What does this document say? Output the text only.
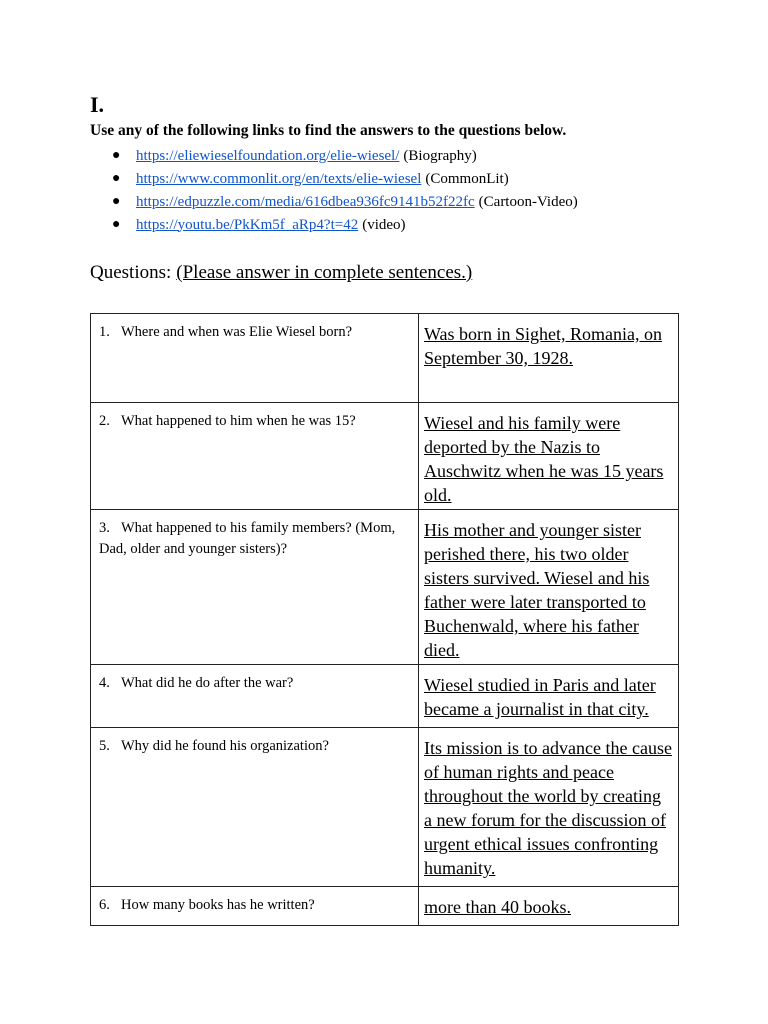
I.
Use any of the following links to find the answers to the questions below.
●	https://eliewieselfoundation.org/elie-wiesel/ (Biography)
●	https://www.commonlit.org/en/texts/elie-wiesel (CommonLit)
●	https://edpuzzle.com/media/616dbea936fc9141b52f22fc (Cartoon-Video)
●	https://youtu.be/PkKm5f_aRp4?t=42 (video)
Questions: (Please answer in complete sentences.)
1. Where and when was Elie Wiesel born?	Was born in Sighet, Romania, on September 30, 1928.
2. What happened to him when he was 15?	Wiesel and his family were deported by the Nazis to Auschwitz when he was 15 years old.
3. What happened to his family members? (Mom, Dad, older and younger sisters)?	His mother and younger sister perished there, his two older sisters survived. Wiesel and his father were later transported to Buchenwald, where his father died.
4. What did he do after the war?	Wiesel studied in Paris and later became a journalist in that city.
5. Why did he found his organization?	Its mission is to advance the cause of human rights and peace throughout the world by creating a new forum for the discussion of urgent ethical issues confronting humanity.
6. How many books has he written?	more than 40 books.
